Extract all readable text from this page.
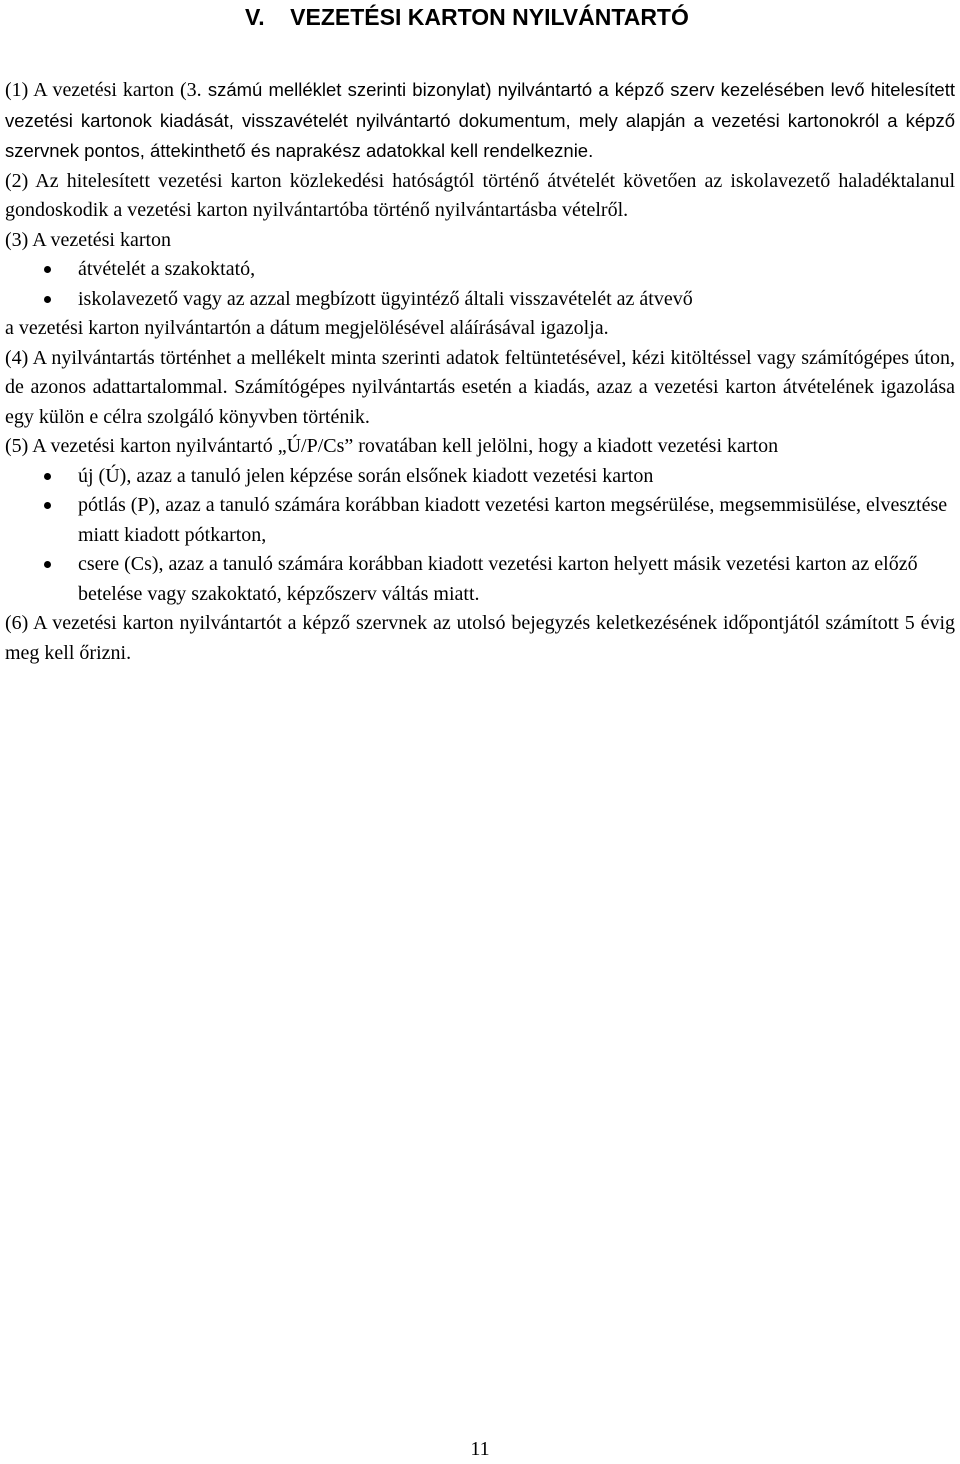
V.    VEZETÉSI KARTON NYILVÁNTARTÓ

(1) A vezetési karton (3. számú melléklet szerinti bizonylat) nyilvántartó a képző szerv kezelésében levő hitelesített vezetési kartonok kiadását, visszavételét nyilvántartó dokumentum, mely alapján a vezetési kartonokról a képző szervnek pontos, áttekinthető és naprakész adatokkal kell rendelkeznie.

(2) Az hitelesített vezetési karton közlekedési hatóságtól történő átvételét követően az iskolavezető haladéktalanul gondoskodik a vezetési karton nyilvántartóba történő nyilvántartásba vételről.

(3) A vezetési karton

átvételét a szakoktató,
iskolavezető vagy az azzal megbízott ügyintéző általi visszavételét az átvevő

a vezetési karton nyilvántartón a dátum megjelölésével aláírásával igazolja.

(4) A nyilvántartás történhet a mellékelt minta szerinti adatok feltüntetésével, kézi kitöltéssel vagy számítógépes úton, de azonos adattartalommal. Számítógépes nyilvántartás esetén a kiadás, azaz a vezetési karton átvételének igazolása egy külön e célra szolgáló könyvben történik.

(5) A vezetési karton nyilvántartó „Ú/P/Cs” rovatában kell jelölni, hogy a kiadott vezetési karton

új (Ú), azaz a tanuló jelen képzése során elsőnek kiadott vezetési karton
pótlás (P), azaz a tanuló számára korábban kiadott vezetési karton megsérülése, megsemmisülése, elvesztése miatt kiadott pótkarton,
csere (Cs), azaz a tanuló számára korábban kiadott vezetési karton helyett másik vezetési karton az előző betelése vagy szakoktató, képzőszerv váltás miatt.

(6) A vezetési karton nyilvántartót a képző szervnek az utolsó bejegyzés keletkezésének időpontjától számított 5 évig meg kell őrizni.

11
